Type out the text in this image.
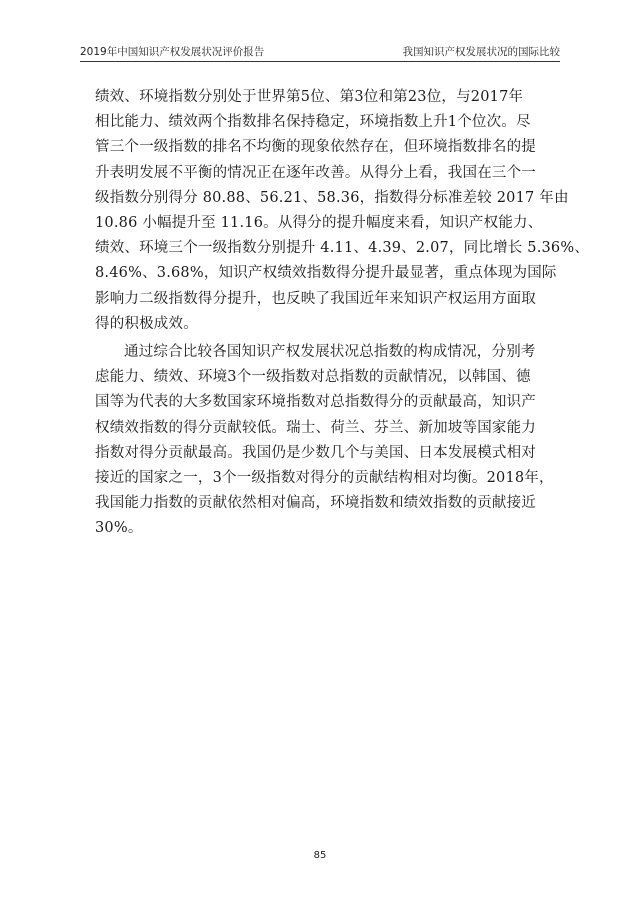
2019年中国知识产权发展状况评价报告	我国知识产权发展状况的国际比较

绩效、环境指数分别处于世界第5位、第3位和第23位，与2017年
相比能力、绩效两个指数排名保持稳定，环境指数上升1个位次。尽
管三个一级指数的排名不均衡的现象依然存在，但环境指数排名的提
升表明发展不平衡的情况正在逐年改善。从得分上看，我国在三个一
级指数分别得分 80.88、56.21、58.36，指数得分标准差较 2017 年由
10.86 小幅提升至 11.16。从得分的提升幅度来看，知识产权能力、
绩效、环境三个一级指数分别提升 4.11、4.39、2.07，同比增长 5.36%、
8.46%、3.68%，知识产权绩效指数得分提升最显著，重点体现为国际
影响力二级指数得分提升，也反映了我国近年来知识产权运用方面取
得的积极成效。

通过综合比较各国知识产权发展状况总指数的构成情况，分别考
虑能力、绩效、环境3个一级指数对总指数的贡献情况，以韩国、德
国等为代表的大多数国家环境指数对总指数得分的贡献最高，知识产
权绩效指数的得分贡献较低。瑞士、荷兰、芬兰、新加坡等国家能力
指数对得分贡献最高。我国仍是少数几个与美国、日本发展模式相对
接近的国家之一，3个一级指数对得分的贡献结构相对均衡。2018年，
我国能力指数的贡献依然相对偏高，环境指数和绩效指数的贡献接近
30%。

85
